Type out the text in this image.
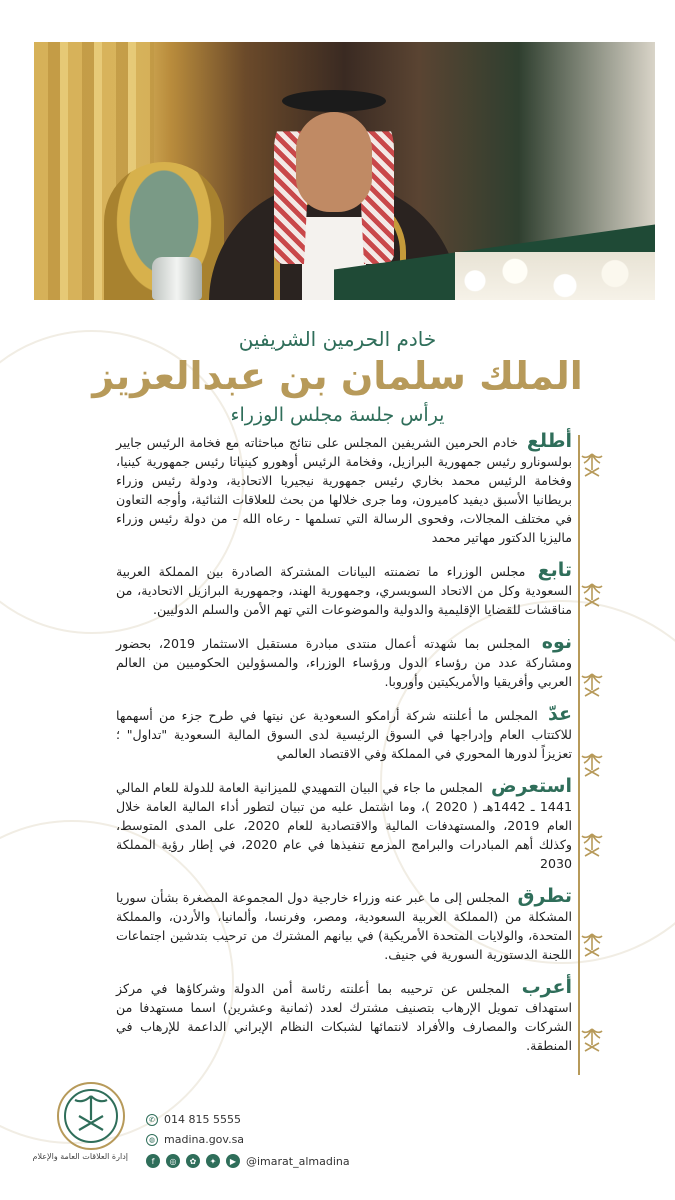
خادم الحرمين الشريفين
الملك سلمان بن عبدالعزيز
يرأس جلسة مجلس الوزراء

أطلع خادم الحرمين الشريفين المجلس على نتائج مباحثاته مع فخامة الرئيس جايير بولسونارو رئيس جمهورية البرازيل، وفخامة الرئيس أوهورو كينياتا رئيس جمهورية كينيا، وفخامة الرئيس محمد بخاري رئيس جمهورية نيجيريا الاتحادية، ودولة رئيس وزراء بريطانيا الأسبق ديفيد كاميرون، وما جرى خلالها من بحث للعلاقات الثنائية، وأوجه التعاون في مختلف المجالات، وفحوى الرسالة التي تسلمها - رعاه الله - من دولة رئيس وزراء ماليزيا الدكتور مهاتير محمد

تابع مجلس الوزراء ما تضمنته البيانات المشتركة الصادرة بين المملكة العربية السعودية وكل من الاتحاد السويسري، وجمهورية الهند، وجمهورية البرازيل الاتحادية، من مناقشات للقضايا الإقليمية والدولية والموضوعات التي تهم الأمن والسلم الدوليين.

نوه المجلس بما شهدته أعمال منتدى مبادرة مستقبل الاستثمار 2019، بحضور ومشاركة عدد من رؤساء الدول ورؤساء الوزراء، والمسؤولين الحكوميين من العالم العربي وأفريقيا والأمريكيتين وأوروبا.

عدّ المجلس ما أعلنته شركة أرامكو السعودية عن نيتها في طرح جزء من أسهمها للاكتتاب العام وإدراجها في السوق الرئيسية لدى السوق المالية السعودية "تداول" ؛ تعزيزاً لدورها المحوري في المملكة وفي الاقتصاد العالمي

استعرض المجلس ما جاء في البيان التمهيدي للميزانية العامة للدولة للعام المالي 1441 ـ 1442هـ ( 2020 )، وما اشتمل عليه من تبيان لتطور أداء المالية العامة خلال العام 2019، والمستهدفات المالية والاقتصادية للعام 2020، على المدى المتوسط، وكذلك أهم المبادرات والبرامج المزمع تنفيذها في عام 2020، في إطار رؤية المملكة 2030

تطرق المجلس إلى ما عبر عنه وزراء خارجية دول المجموعة المصغرة بشأن سوريا المشكلة من (المملكة العربية السعودية، ومصر، وفرنسا، وألمانيا، والأردن، والمملكة المتحدة، والولايات المتحدة الأمريكية) في بيانهم المشترك من ترحيب بتدشين اجتماعات اللجنة الدستورية السورية في جنيف.

أعرب المجلس عن ترحيبه بما أعلنته رئاسة أمن الدولة وشركاؤها في مركز استهداف تمويل الإرهاب بتصنيف مشترك لعدد (ثمانية وعشرين) اسما مستهدفا من الشركات والمصارف والأفراد لانتمائها لشبكات النظام الإيراني الداعمة للإرهاب في المنطقة.

إدارة العلاقات العامة والإعلام
✆ 014 815 5555
◍ madina.gov.sa
f	◎	✿	✦	▶ @imarat_almadina
